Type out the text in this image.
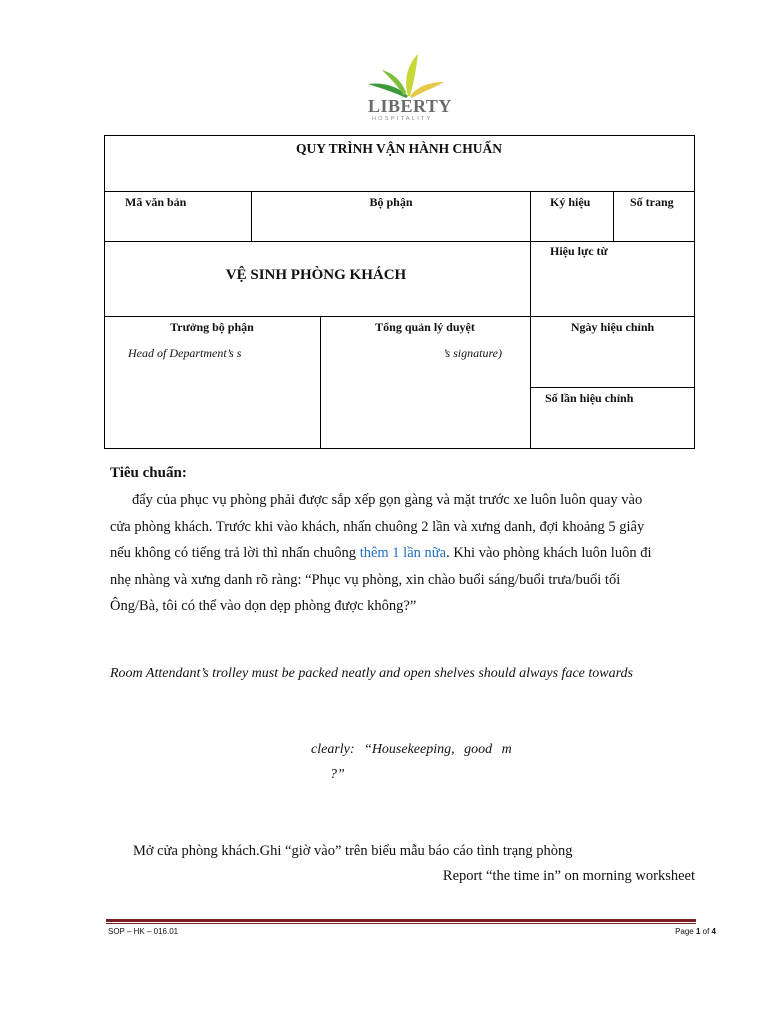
LIBERTY
HOSPITALITY
QUY TRÌNH VẬN HÀNH CHUẨN
Mã văn bản	Bộ phận	Ký hiệu	Số trang
Hiệu lực từ
VỆ SINH PHÒNG KHÁCH
Trưởng bộ phận	Tổng quản lý duyệt	Ngày hiệu chỉnh
Số lần hiệu chỉnh
Head of Department’s s	’s signature)
Tiêu chuẩn:
đẩy của phục vụ phòng phải được sắp xếp gọn gàng và mặt trước xe luôn luôn quay vào
cửa phòng khách. Trước khi vào khách, nhấn chuông 2 lần và xưng danh, đợi khoảng 5 giây
nếu không có tiếng trả lời thì nhấn chuông thêm 1 lần nữa. Khi vào phòng khách luôn luôn đi
nhẹ nhàng và xưng danh rõ ràng: “Phục vụ phòng, xin chào buổi sáng/buổi trưa/buổi tối
Ông/Bà, tôi có thể vào dọn dẹp phòng được không?”
Room Attendant’s trolley must be packed neatly and open shelves should always face towards
clearly: “Housekeeping, good m
?”
Mở cửa phòng khách.Ghi “giờ vào” trên biểu mẫu báo cáo tình trạng phòng
Report “the time in” on morning worksheet
SOP – HK – 016.01	Page 1 of 4
